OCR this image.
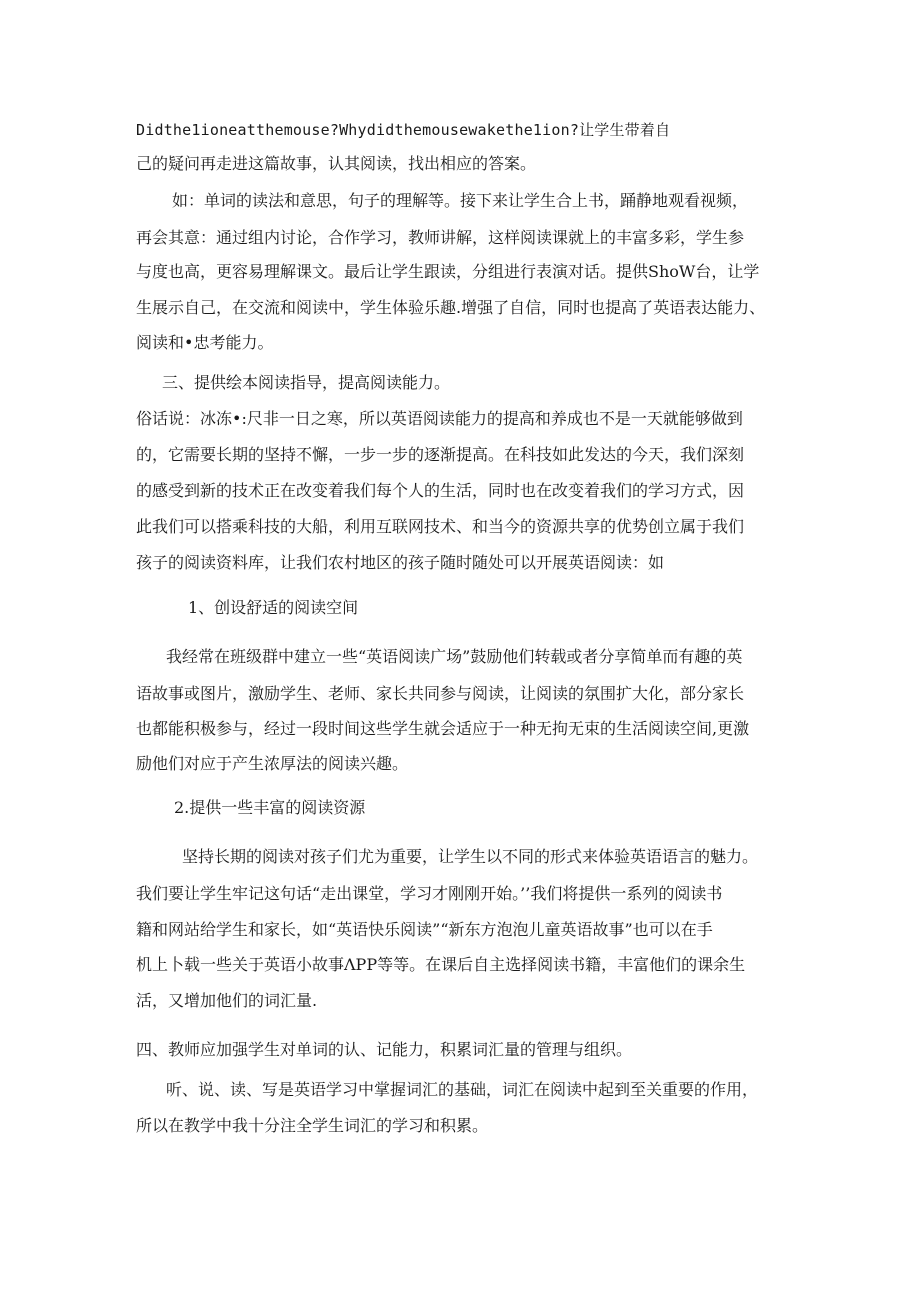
Didthe1ioneatthemouse?Whydidthemousewakethe1ion?让学生带着自
己的疑问再走进这篇故事，认其阅读，找出相应的答案。
如：单词的读法和意思，句子的理解等。接下来让学生合上书，踊静地观看视频，
再会其意：通过组内讨论，合作学习，教师讲解，这样阅读课就上的丰富多彩，学生参
与度也高，更容易理解课文。最后让学生跟读，分组进行表演对话。提供ShoW台，让学
生展示自己，在交流和阅读中，学生体验乐趣.增强了自信，同时也提高了英语表达能力、
阅读和•忠考能力。
三、提供绘本阅读指导，提高阅读能力。
俗话说：冰冻•:尺非一日之寒，所以英语阅读能力的提高和养成也不是一天就能够做到
的，它需要长期的坚持不懈，一步一步的逐渐提高。在科技如此发达的今天，我们深刻
的感受到新的技术正在改变着我们每个人的生活，同时也在改变着我们的学习方式，因
此我们可以搭乘科技的大船，利用互联网技术、和当今的资源共享的优势创立属于我们
孩子的阅读资料库，让我们农村地区的孩子随时随处可以开展英语阅读：如
1、创设舒适的阅读空间
我经常在班级群中建立一些“英语阅读广场”鼓励他们转载或者分享简单而有趣的英
语故事或图片，激励学生、老师、家长共同参与阅读，让阅读的氛围扩大化，部分家长
也都能积极参与，经过一段时间这些学生就会适应于一种无拘无束的生活阅读空间,更激
励他们对应于产生浓厚法的阅读兴趣。
2.提供一些丰富的阅读资源
坚持长期的阅读对孩子们尤为重要，让学生以不同的形式来体验英语语言的魅力。
我们要让学生牢记这句话“走出课堂，学习才刚刚开始。’’我们将提供一系列的阅读书
籍和网站给学生和家长，如“英语快乐阅读”“新东方泡泡儿童英语故事”也可以在手
机上卜载一些关于英语小故事ΛPP等等。在课后自主选择阅读书籍，丰富他们的课余生
活，又增加他们的词汇量.
四、教师应加强学生对单词的认、记能力，积累词汇量的管理与组织。
听、说、读、写是英语学习中掌握词汇的基础，词汇在阅读中起到至关重要的作用，
所以在教学中我十分注全学生词汇的学习和积累。
